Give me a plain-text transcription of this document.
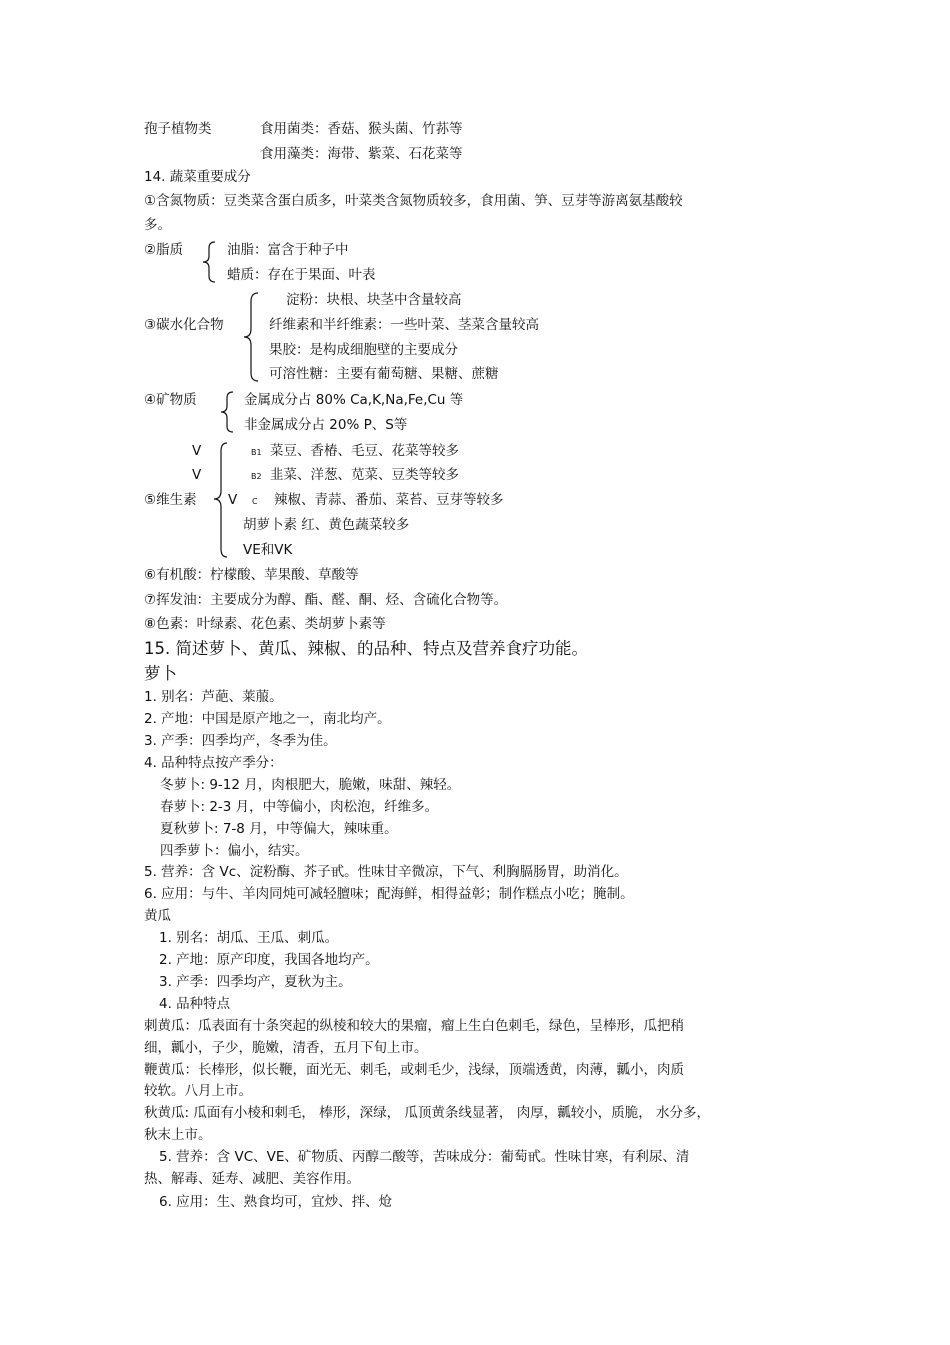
孢子植物类	食用菌类：香菇、猴头菌、竹荪等
食用藻类：海带、紫菜、石花菜等
14. 蔬菜重要成分
①含氮物质：豆类菜含蛋白质多，叶菜类含氮物质较多，食用菌、笋、豆芽等游离氨基酸较
多。
②脂质	油脂：富含于种子中
蜡质：存在于果面、叶表
③碳水化合物
淀粉：块根、块茎中含量较高
纤维素和半纤维素：一些叶菜、茎菜含量较高
果胶：是构成细胞壁的主要成分
可溶性糖：主要有葡萄糖、果糖、蔗糖
④矿物质	金属成分占 80% Ca,K,Na,Fe,Cu 等
非金属成分占 20% P、S等
V	B1 菜豆、香椿、毛豆、花菜等较多
V	B2 韭菜、洋葱、苋菜、豆类等较多
⑤维生素 V C 辣椒、青蒜、番茄、菜苔、豆芽等较多
胡萝卜素 红、黄色蔬菜较多
VE和VK
⑥有机酸：柠檬酸、苹果酸、草酸等
⑦挥发油：主要成分为醇、酯、醛、酮、烃、含硫化合物等。
⑧色素：叶绿素、花色素、类胡萝卜素等
15. 简述萝卜、黄瓜、辣椒、的品种、特点及营养食疗功能。
萝卜
1. 别名：芦葩、莱菔。
2. 产地：中国是原产地之一，南北均产。
3. 产季：四季均产，冬季为佳。
4. 品种特点按产季分：
冬萝卜: 9-12 月，肉根肥大，脆嫩，味甜、辣轻。
春萝卜: 2-3 月，中等偏小，肉松泡，纤维多。
夏秋萝卜: 7-8 月，中等偏大，辣味重。
四季萝卜：偏小，结实。
5. 营养：含 Vc、淀粉酶、芥子甙。性味甘辛微凉，下气、利胸膈肠胃，助消化。
6. 应用：与牛、羊肉同炖可减轻膻味；配海鲜，相得益彰；制作糕点小吃；腌制。
黄瓜
1. 别名：胡瓜、王瓜、刺瓜。
2. 产地：原产印度，我国各地均产。
3. 产季：四季均产，夏秋为主。
4. 品种特点
刺黄瓜：瓜表面有十条突起的纵棱和较大的果瘤，瘤上生白色刺毛，绿色，呈棒形，瓜把稍
细，瓤小，子少，脆嫩，清香，五月下旬上市。
鞭黄瓜：长棒形，似长鞭，面光无、刺毛，或刺毛少，浅绿，顶端透黄，肉薄，瓤小，肉质
较软。八月上市。
秋黄瓜: 瓜面有小棱和刺毛， 棒形，深绿， 瓜顶黄条线显著， 肉厚，瓤较小，质脆， 水分多，
秋末上市。
5. 营养：含 VC、VE、矿物质、丙醇二酸等，苦味成分：葡萄甙。性味甘寒，有利尿、清
热、解毒、延寿、减肥、美容作用。
6. 应用：生、熟食均可，宜炒、拌、炝
